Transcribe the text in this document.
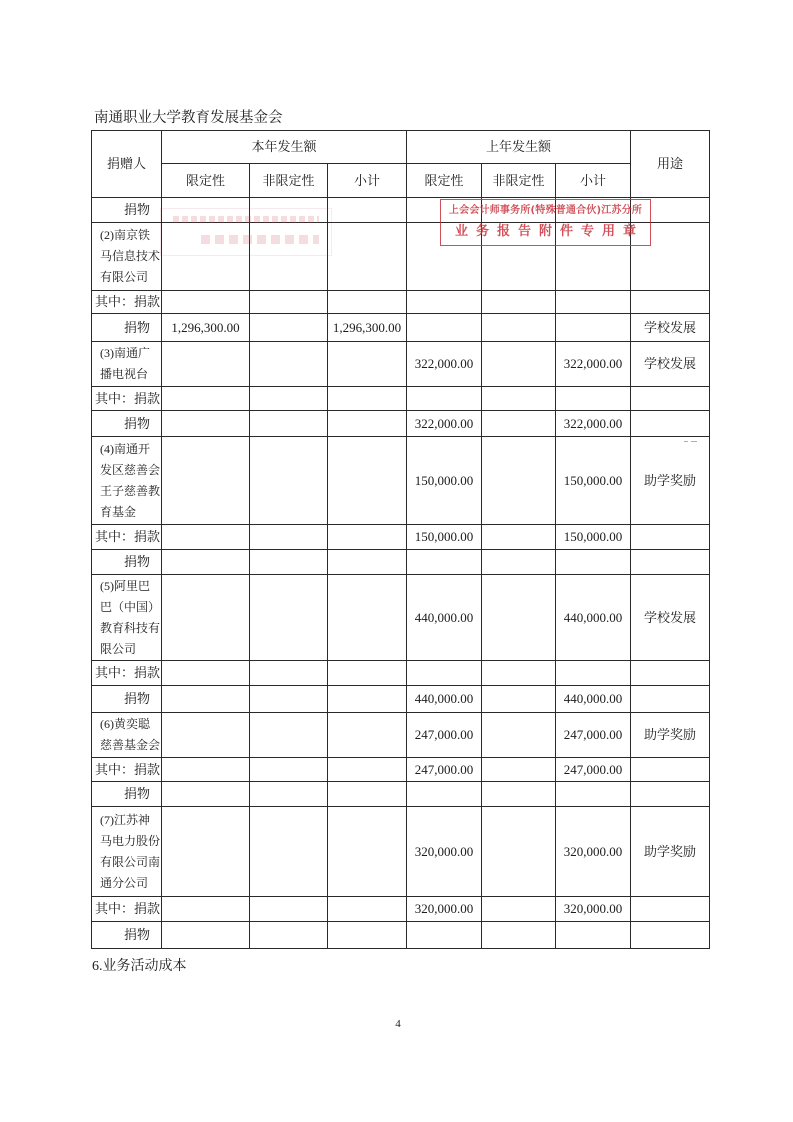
南通职业大学教育发展基金会
捐赠人	本年发生额			上年发生额			用途
	限定性	非限定性	小计	限定性	非限定性	小计	
捐物							
(2)南京铁
马信息技术
有限公司							
其中：捐款							
捐物	1,296,300.00		1,296,300.00				学校发展
(3)南通广
播电视台				322,000.00		322,000.00	学校发展
其中：捐款							
捐物				322,000.00		322,000.00	
(4)南通开
发区慈善会
王子慈善教
育基金				150,000.00		150,000.00	助学奖励
其中：捐款				150,000.00		150,000.00	
捐物							
(5)阿里巴
巴（中国）
教育科技有
限公司				440,000.00		440,000.00	学校发展
其中：捐款							
捐物				440,000.00		440,000.00	
(6)黄奕聪
慈善基金会				247,000.00		247,000.00	助学奖励
其中：捐款				247,000.00		247,000.00	
捐物							
(7)江苏神
马电力股份
有限公司南
通分公司				320,000.00		320,000.00	助学奖励
其中：捐款				320,000.00		320,000.00	
捐物							
上会会计师事务所(特殊普通合伙)江苏分所
业务报告附件专用章
6.业务活动成本
4
